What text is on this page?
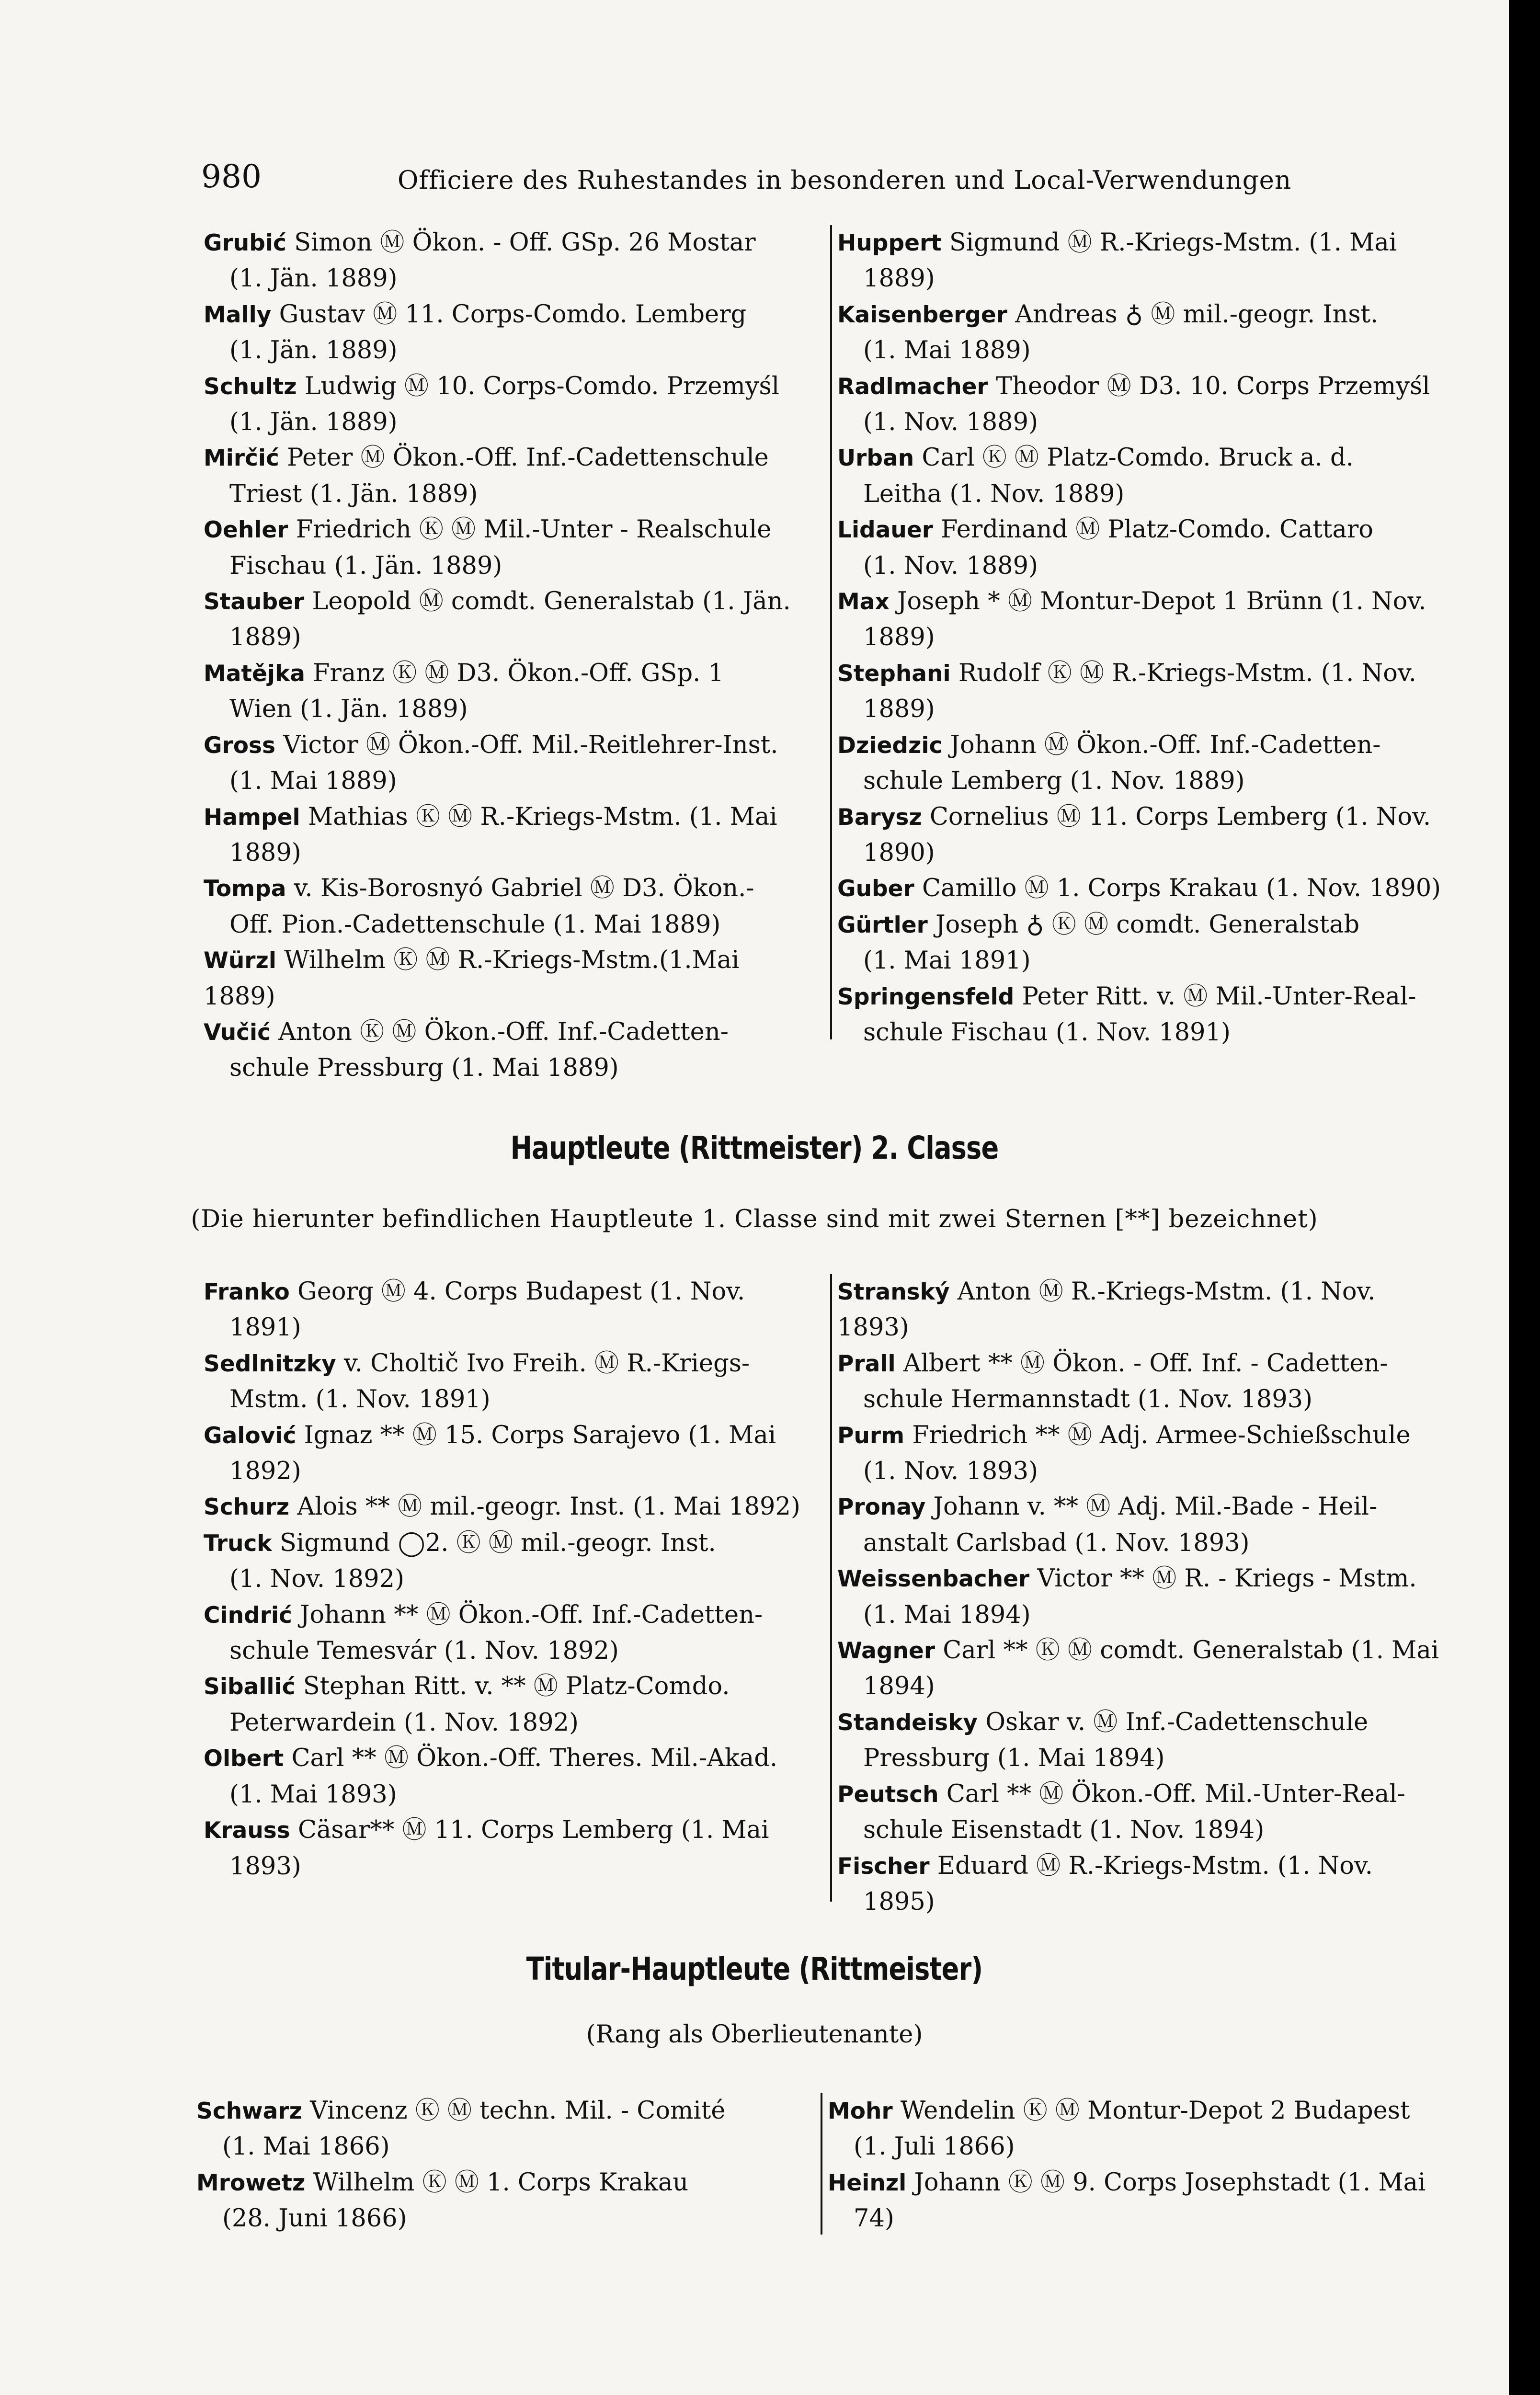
980	Officiere des Ruhestandes in besonderen und Local-Verwendungen
Grubić Simon Ⓜ Ökon. - Off. GSp. 26 Mostar
(1. Jän. 1889)
Mally Gustav Ⓜ 11. Corps-Comdo. Lemberg
(1. Jän. 1889)
Schultz Ludwig Ⓜ 10. Corps-Comdo. Przemyśl
(1. Jän. 1889)
Mirčić Peter Ⓜ Ökon.-Off. Inf.-Cadettenschule
Triest (1. Jän. 1889)
Oehler Friedrich Ⓚ Ⓜ Mil.-Unter - Realschule
Fischau (1. Jän. 1889)
Stauber Leopold Ⓜ comdt. Generalstab (1. Jän.
1889)
Matějka Franz Ⓚ Ⓜ D3. Ökon.-Off. GSp. 1
Wien (1. Jän. 1889)
Gross Victor Ⓜ Ökon.-Off. Mil.-Reitlehrer-Inst.
(1. Mai 1889)
Hampel Mathias Ⓚ Ⓜ R.-Kriegs-Mstm. (1. Mai
1889)
Tompa v. Kis-Borosnyó Gabriel Ⓜ D3. Ökon.-
Off. Pion.-Cadettenschule (1. Mai 1889)
Würzl Wilhelm Ⓚ Ⓜ R.-Kriegs-Mstm.(1.Mai 1889)
Vučić Anton Ⓚ Ⓜ Ökon.-Off. Inf.-Cadetten-
schule Pressburg (1. Mai 1889)
Huppert Sigmund Ⓜ R.-Kriegs-Mstm. (1. Mai
1889)
Kaisenberger Andreas ♁ Ⓜ mil.-geogr. Inst.
(1. Mai 1889)
Radlmacher Theodor Ⓜ D3. 10. Corps Przemyśl
(1. Nov. 1889)
Urban Carl Ⓚ Ⓜ Platz-Comdo. Bruck a. d.
Leitha (1. Nov. 1889)
Lidauer Ferdinand Ⓜ Platz-Comdo. Cattaro
(1. Nov. 1889)
Max Joseph * Ⓜ Montur-Depot 1 Brünn (1. Nov.
1889)
Stephani Rudolf Ⓚ Ⓜ R.-Kriegs-Mstm. (1. Nov.
1889)
Dziedzic Johann Ⓜ Ökon.-Off. Inf.-Cadetten-
schule Lemberg (1. Nov. 1889)
Barysz Cornelius Ⓜ 11. Corps Lemberg (1. Nov.
1890)
Guber Camillo Ⓜ 1. Corps Krakau (1. Nov. 1890)
Gürtler Joseph ♁ Ⓚ Ⓜ comdt. Generalstab
(1. Mai 1891)
Springensfeld Peter Ritt. v. Ⓜ Mil.-Unter-Real-
schule Fischau (1. Nov. 1891)
Hauptleute (Rittmeister) 2. Classe
(Die hierunter befindlichen Hauptleute 1. Classe sind mit zwei Sternen [**] bezeichnet)
Franko Georg Ⓜ 4. Corps Budapest (1. Nov.
1891)
Sedlnitzky v. Choltič Ivo Freih. Ⓜ R.-Kriegs-
Mstm. (1. Nov. 1891)
Galović Ignaz ** Ⓜ 15. Corps Sarajevo (1. Mai
1892)
Schurz Alois ** Ⓜ mil.-geogr. Inst. (1. Mai 1892)
Truck Sigmund ◯2. Ⓚ Ⓜ mil.-geogr. Inst.
(1. Nov. 1892)
Cindrić Johann ** Ⓜ Ökon.-Off. Inf.-Cadetten-
schule Temesvár (1. Nov. 1892)
Siballić Stephan Ritt. v. ** Ⓜ Platz-Comdo.
Peterwardein (1. Nov. 1892)
Olbert Carl ** Ⓜ Ökon.-Off. Theres. Mil.-Akad.
(1. Mai 1893)
Krauss Cäsar** Ⓜ 11. Corps Lemberg (1. Mai
1893)
Stranský Anton Ⓜ R.-Kriegs-Mstm. (1. Nov. 1893)
Prall Albert ** Ⓜ Ökon. - Off. Inf. - Cadetten-
schule Hermannstadt (1. Nov. 1893)
Purm Friedrich ** Ⓜ Adj. Armee-Schießschule
(1. Nov. 1893)
Pronay Johann v. ** Ⓜ Adj. Mil.-Bade - Heil-
anstalt Carlsbad (1. Nov. 1893)
Weissenbacher Victor ** Ⓜ R. - Kriegs - Mstm.
(1. Mai 1894)
Wagner Carl ** Ⓚ Ⓜ comdt. Generalstab (1. Mai
1894)
Standeisky Oskar v. Ⓜ Inf.-Cadettenschule
Pressburg (1. Mai 1894)
Peutsch Carl ** Ⓜ Ökon.-Off. Mil.-Unter-Real-
schule Eisenstadt (1. Nov. 1894)
Fischer Eduard Ⓜ R.-Kriegs-Mstm. (1. Nov.
1895)
Titular-Hauptleute (Rittmeister)
(Rang als Oberlieutenante)
Schwarz Vincenz Ⓚ Ⓜ techn. Mil. - Comité
(1. Mai 1866)
Mrowetz Wilhelm Ⓚ Ⓜ 1. Corps Krakau
(28. Juni 1866)
Mohr Wendelin Ⓚ Ⓜ Montur-Depot 2 Budapest
(1. Juli 1866)
Heinzl Johann Ⓚ Ⓜ 9. Corps Josephstadt (1. Mai
74)
